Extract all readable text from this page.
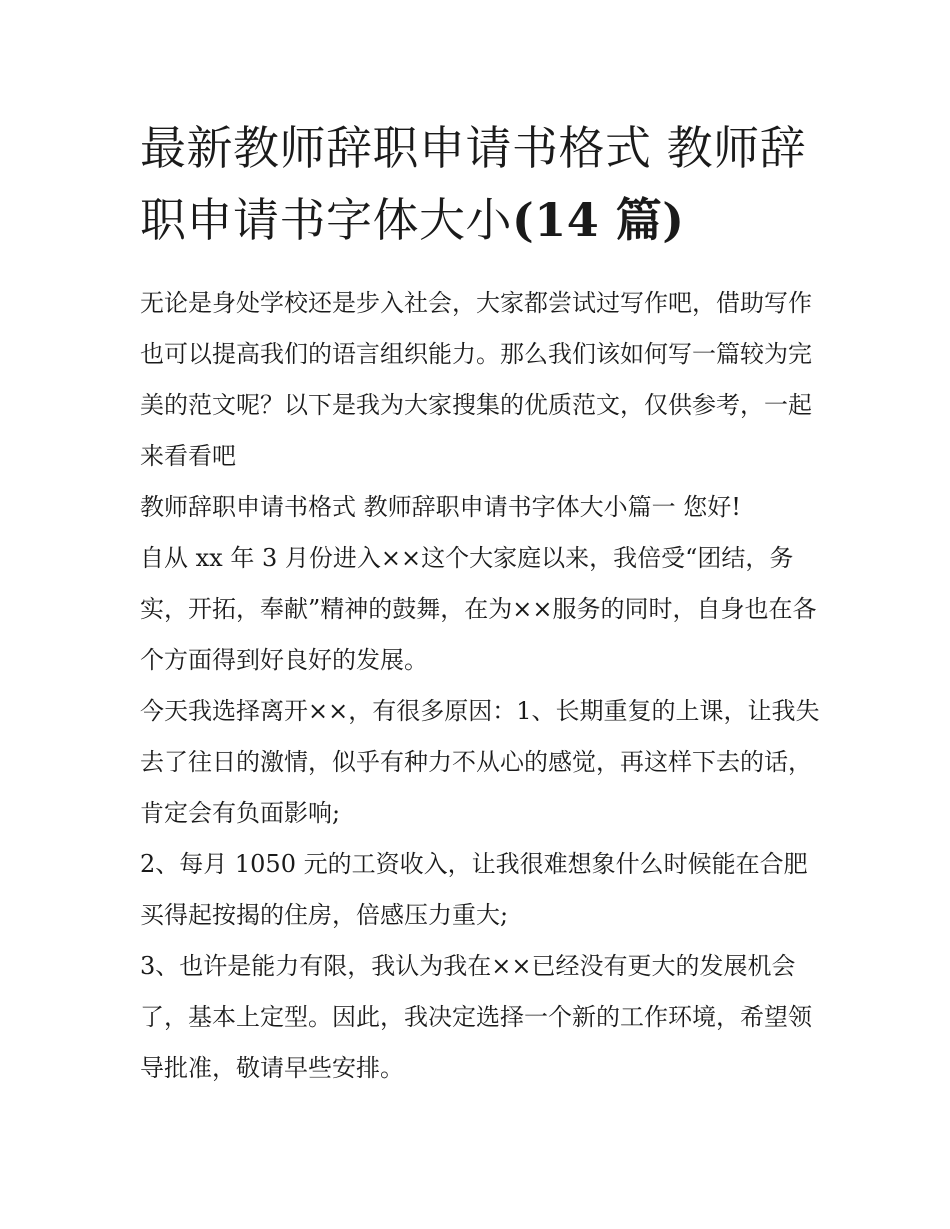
最新教师辞职申请书格式 教师辞职申请书字体大小(14 篇)

无论是身处学校还是步入社会，大家都尝试过写作吧，借助写作也可以提高我们的语言组织能力。那么我们该如何写一篇较为完美的范文呢？以下是我为大家搜集的优质范文，仅供参考，一起来看看吧

教师辞职申请书格式 教师辞职申请书字体大小篇一 您好!

自从 xx 年 3 月份进入××这个大家庭以来，我倍受“团结，务实，开拓，奉献”精神的鼓舞，在为××服务的同时，自身也在各个方面得到好良好的发展。

今天我选择离开××，有很多原因：1、长期重复的上课，让我失去了往日的激情，似乎有种力不从心的感觉，再这样下去的话，肯定会有负面影响;

2、每月 1050 元的工资收入，让我很难想象什么时候能在合肥买得起按揭的住房，倍感压力重大;

3、也许是能力有限，我认为我在××已经没有更大的发展机会了，基本上定型。因此，我决定选择一个新的工作环境，希望领导批准，敬请早些安排。
